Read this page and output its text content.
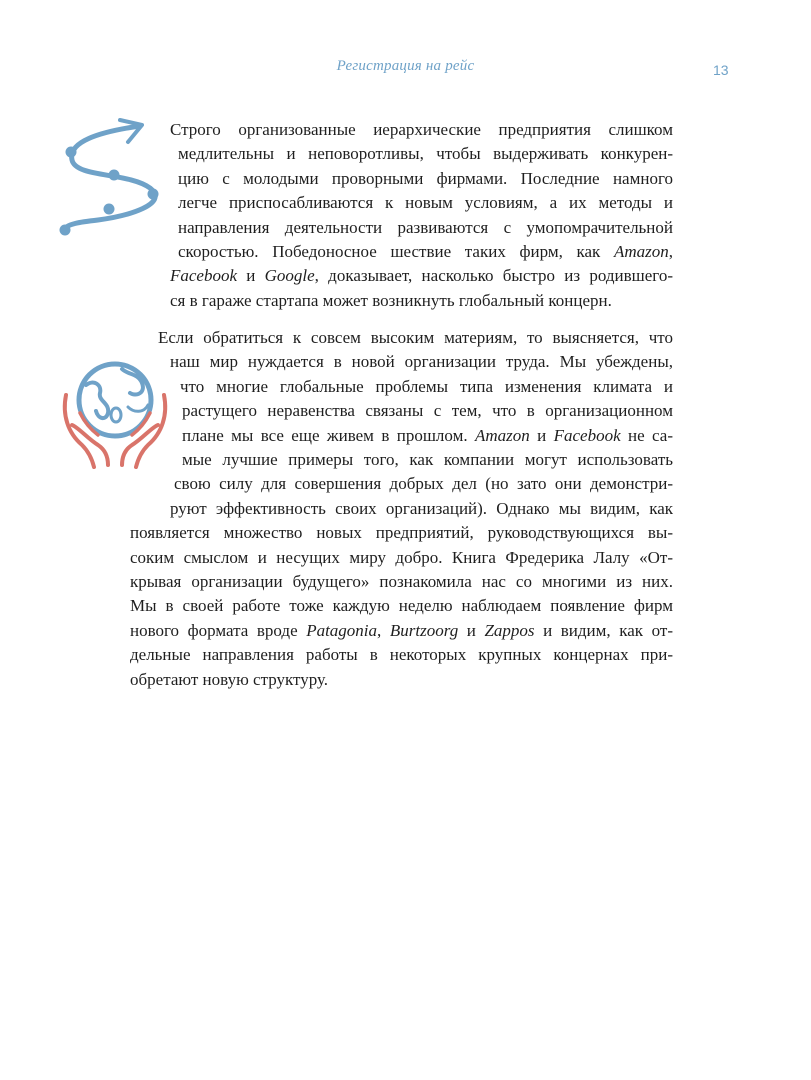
Регистрация на рейс	13
Строго организованные иерархические предприятия слишком
медлительны и неповоротливы, чтобы выдерживать конкурен-
цию с молодыми проворными фирмами. Последние намного
легче приспосабливаются к новым условиям, а их методы и
направления деятельности развиваются с умопомрачительной
скоростью. Победоносное шествие таких фирм, как Amazon,
Facebook и Google, доказывает, насколько быстро из родившего-
ся в гараже стартапа может возникнуть глобальный концерн.
Если обратиться к совсем высоким материям, то выясняется, что
наш мир нуждается в новой организации труда. Мы убеждены,
что многие глобальные проблемы типа изменения климата и
растущего неравенства связаны с тем, что в организационном
плане мы все еще живем в прошлом. Amazon и Facebook не са-
мые лучшие примеры того, как компании могут использовать
свою силу для совершения добрых дел (но зато они демонстри-
руют эффективность своих организаций). Однако мы видим, как
появляется множество новых предприятий, руководствующихся вы-
соким смыслом и несущих миру добро. Книга Фредерика Лалу «От-
крывая организации будущего» познакомила нас со многими из них.
Мы в своей работе тоже каждую неделю наблюдаем появление фирм
нового формата вроде Patagonia, Burtzoorg и Zappos и видим, как от-
дельные направления работы в некоторых крупных концернах при-
обретают новую структуру.
